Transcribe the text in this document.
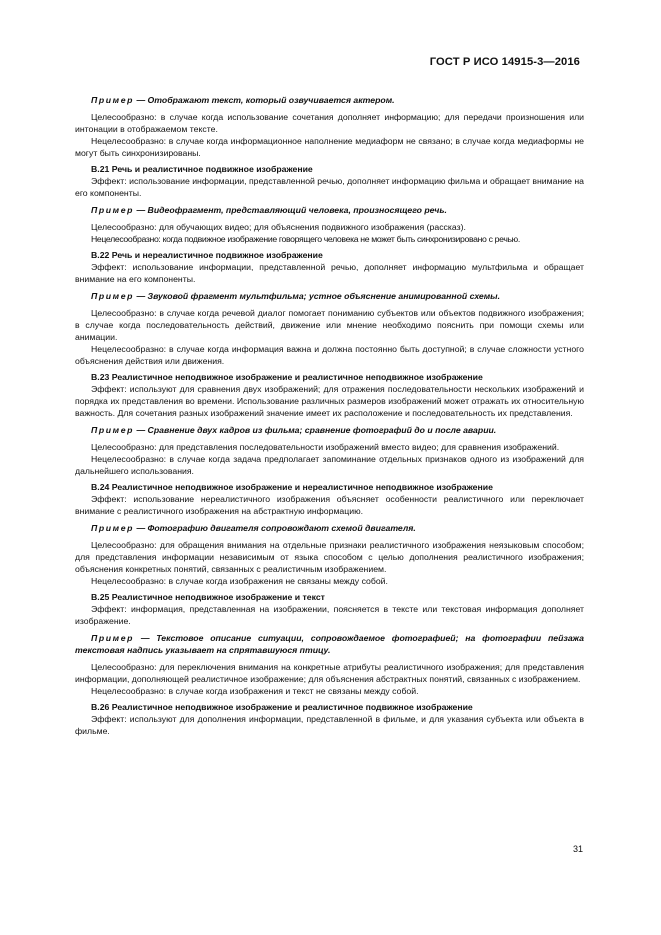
ГОСТ Р ИСО 14915-3—2016

Пример — Отображают текст, который озвучивается актером.

Целесообразно: в случае когда использование сочетания дополняет информацию; для передачи произношения или интонации в отображаемом тексте.

Нецелесообразно: в случае когда информационное наполнение медиаформ не связано; в случае когда медиаформы не могут быть синхронизированы.

B.21 Речь и реалистичное подвижное изображение

Эффект: использование информации, представленной речью, дополняет информацию фильма и обращает внимание на его компоненты.

Пример — Видеофрагмент, представляющий человека, произносящего речь.

Целесообразно: для обучающих видео; для объяснения подвижного изображения (рассказ).

Нецелесообразно: когда подвижное изображение говорящего человека не может быть синхронизировано с речью.

B.22 Речь и нереалистичное подвижное изображение

Эффект: использование информации, представленной речью, дополняет информацию мультфильма и обращает внимание на его компоненты.

Пример — Звуковой фрагмент мультфильма; устное объяснение анимированной схемы.

Целесообразно: в случае когда речевой диалог помогает пониманию субъектов или объектов подвижного изображения; в случае когда последовательность действий, движение или мнение необходимо пояснить при помощи схемы или анимации.

Нецелесообразно: в случае когда информация важна и должна постоянно быть доступной; в случае сложности устного объяснения действия или движения.

B.23 Реалистичное неподвижное изображение и реалистичное неподвижное изображение

Эффект: используют для сравнения двух изображений; для отражения последовательности нескольких изображений и порядка их представления во времени. Использование различных размеров изображений может отражать их относительную важность. Для сочетания разных изображений значение имеет их расположение и последовательность их представления.

Пример — Сравнение двух кадров из фильма; сравнение фотографий до и после аварии.

Целесообразно: для представления последовательности изображений вместо видео; для сравнения изображений.

Нецелесообразно: в случае когда задача предполагает запоминание отдельных признаков одного из изображений для дальнейшего использования.

B.24 Реалистичное неподвижное изображение и нереалистичное неподвижное изображение

Эффект: использование нереалистичного изображения объясняет особенности реалистичного или переключает внимание с реалистичного изображения на абстрактную информацию.

Пример — Фотографию двигателя сопровождают схемой двигателя.

Целесообразно: для обращения внимания на отдельные признаки реалистичного изображения неязыковым способом; для представления информации независимым от языка способом с целью дополнения реалистичного изображения; объяснения конкретных понятий, связанных с реалистичным изображением.

Нецелесообразно: в случае когда изображения не связаны между собой.

B.25 Реалистичное неподвижное изображение и текст

Эффект: информация, представленная на изображении, поясняется в тексте или текстовая информация дополняет изображение.

Пример — Текстовое описание ситуации, сопровождаемое фотографией; на фотографии пейзажа текстовая надпись указывает на спрятавшуюся птицу.

Целесообразно: для переключения внимания на конкретные атрибуты реалистичного изображения; для представления информации, дополняющей реалистичное изображение; для объяснения абстрактных понятий, связанных с изображением.

Нецелесообразно: в случае когда изображения и текст не связаны между собой.

B.26 Реалистичное неподвижное изображение и реалистичное подвижное изображение

Эффект: используют для дополнения информации, представленной в фильме, и для указания субъекта или объекта в фильме.

31
